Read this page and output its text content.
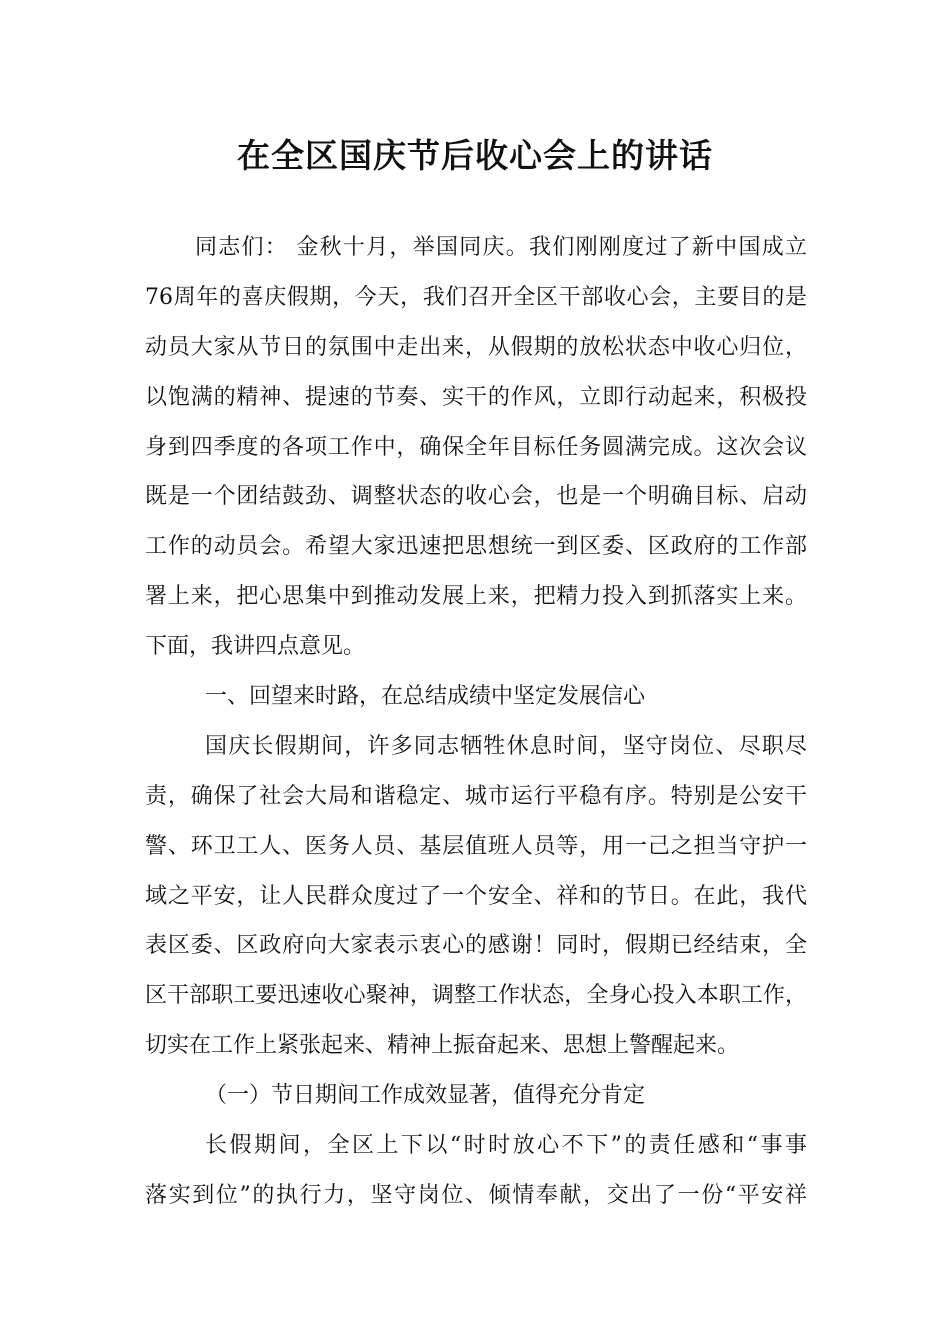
在全区国庆节后收心会上的讲话
同志们： 金秋十月，举国同庆。我们刚刚度过了新中国成立
76周年的喜庆假期，今天，我们召开全区干部收心会，主要目的是
动员大家从节日的氛围中走出来，从假期的放松状态中收心归位，
以饱满的精神、提速的节奏、实干的作风，立即行动起来，积极投
身到四季度的各项工作中，确保全年目标任务圆满完成。这次会议
既是一个团结鼓劲、调整状态的收心会，也是一个明确目标、启动
工作的动员会。希望大家迅速把思想统一到区委、区政府的工作部
署上来，把心思集中到推动发展上来，把精力投入到抓落实上来。
下面，我讲四点意见。
一、回望来时路，在总结成绩中坚定发展信心
国庆长假期间，许多同志牺牲休息时间，坚守岗位、尽职尽
责，确保了社会大局和谐稳定、城市运行平稳有序。特别是公安干
警、环卫工人、医务人员、基层值班人员等，用一己之担当守护一
域之平安，让人民群众度过了一个安全、祥和的节日。在此，我代
表区委、区政府向大家表示衷心的感谢！同时，假期已经结束，全
区干部职工要迅速收心聚神，调整工作状态，全身心投入本职工作，
切实在工作上紧张起来、精神上振奋起来、思想上警醒起来。
（一）节日期间工作成效显著，值得充分肯定
长假期间，全区上下以“时时放心不下”的责任感和“事事
落实到位”的执行力，坚守岗位、倾情奉献，交出了一份“平安祥
